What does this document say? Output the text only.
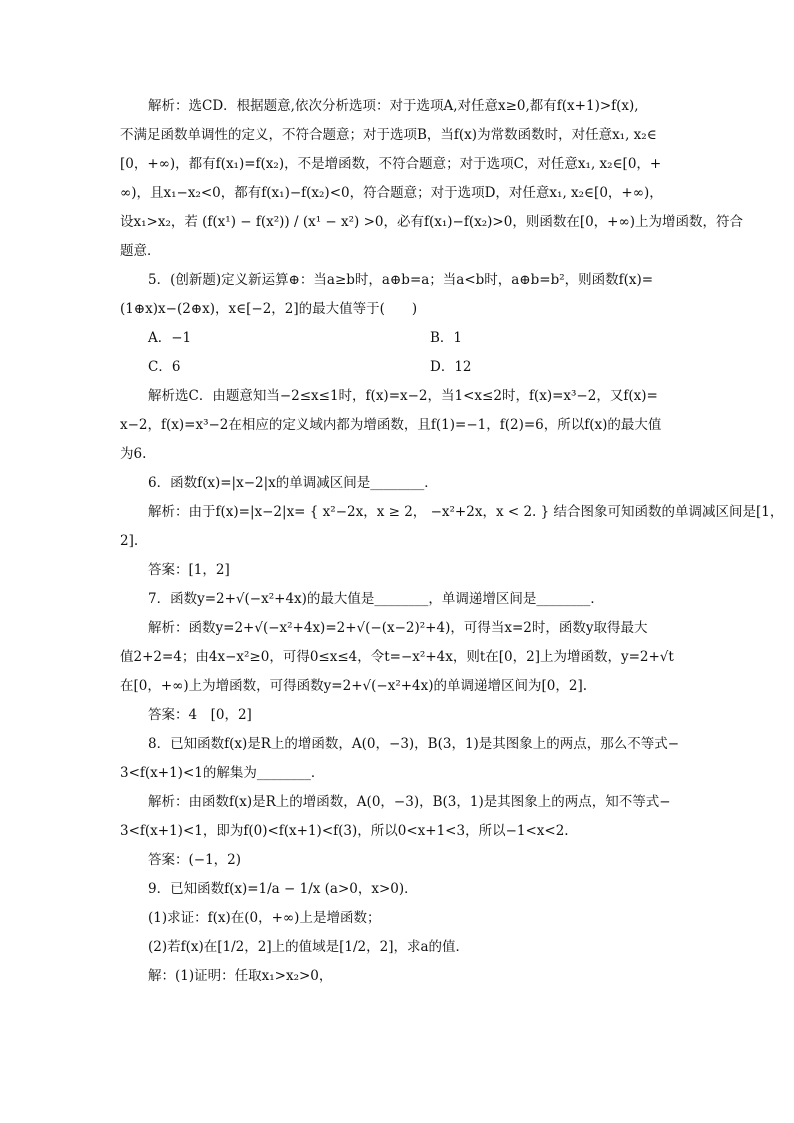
解析：选CD．根据题意,依次分析选项：对于选项A,对任意x≥0,都有f(x+1)>f(x),
不满足函数单调性的定义，不符合题意；对于选项B，当f(x)为常数函数时，对任意x₁, x₂∈
[0，+∞)，都有f(x₁)=f(x₂)，不是增函数，不符合题意；对于选项C，对任意x₁, x₂∈[0，+
∞)，且x₁−x₂<0，都有f(x₁)−f(x₂)<0，符合题意；对于选项D，对任意x₁, x₂∈[0，+∞)，
设x₁>x₂，若 (f(x¹) − f(x²)) / (x¹ − x²) >0，必有f(x₁)−f(x₂)>0，则函数在[0，+∞)上为增函数，符合
题意．
5．(创新题)定义新运算⊕：当a≥b时，a⊕b=a；当a<b时，a⊕b=b²，则函数f(x)=
(1⊕x)x−(2⊕x)，x∈[−2，2]的最大值等于(　　)
A．−1	B．1
C．6	D．12
解析选C．由题意知当−2≤x≤1时，f(x)=x−2，当1<x≤2时，f(x)=x³−2，又f(x)=
x−2，f(x)=x³−2在相应的定义域内都为增函数，且f(1)=−1，f(2)=6，所以f(x)的最大值
为6.
6．函数f(x)=|x−2|x的单调减区间是________．
解析：由于f(x)=|x−2|x= { x²−2x，x ≥ 2， −x²+2x，x < 2. } 结合图象可知函数的单调减区间是[1，
2].
答案：[1，2]
7．函数y=2+√(−x²+4x)的最大值是________，单调递增区间是________．
解析：函数y=2+√(−x²+4x)=2+√(−(x−2)²+4)，可得当x=2时，函数y取得最大
值2+2=4；由4x−x²≥0，可得0≤x≤4，令t=−x²+4x，则t在[0，2]上为增函数，y=2+√t
在[0，+∞)上为增函数，可得函数y=2+√(−x²+4x)的单调递增区间为[0，2].
答案：4　[0，2]
8．已知函数f(x)是R上的增函数，A(0，−3)，B(3，1)是其图象上的两点，那么不等式−
3<f(x+1)<1的解集为________．
解析：由函数f(x)是R上的增函数，A(0，−3)，B(3，1)是其图象上的两点，知不等式−
3<f(x+1)<1，即为f(0)<f(x+1)<f(3)，所以0<x+1<3，所以−1<x<2.
答案：(−1，2)
9．已知函数f(x)=1/a − 1/x (a>0，x>0)．
(1)求证：f(x)在(0，+∞)上是增函数；
(2)若f(x)在[1/2，2]上的值域是[1/2，2]，求a的值．
解：(1)证明：任取x₁>x₂>0，
